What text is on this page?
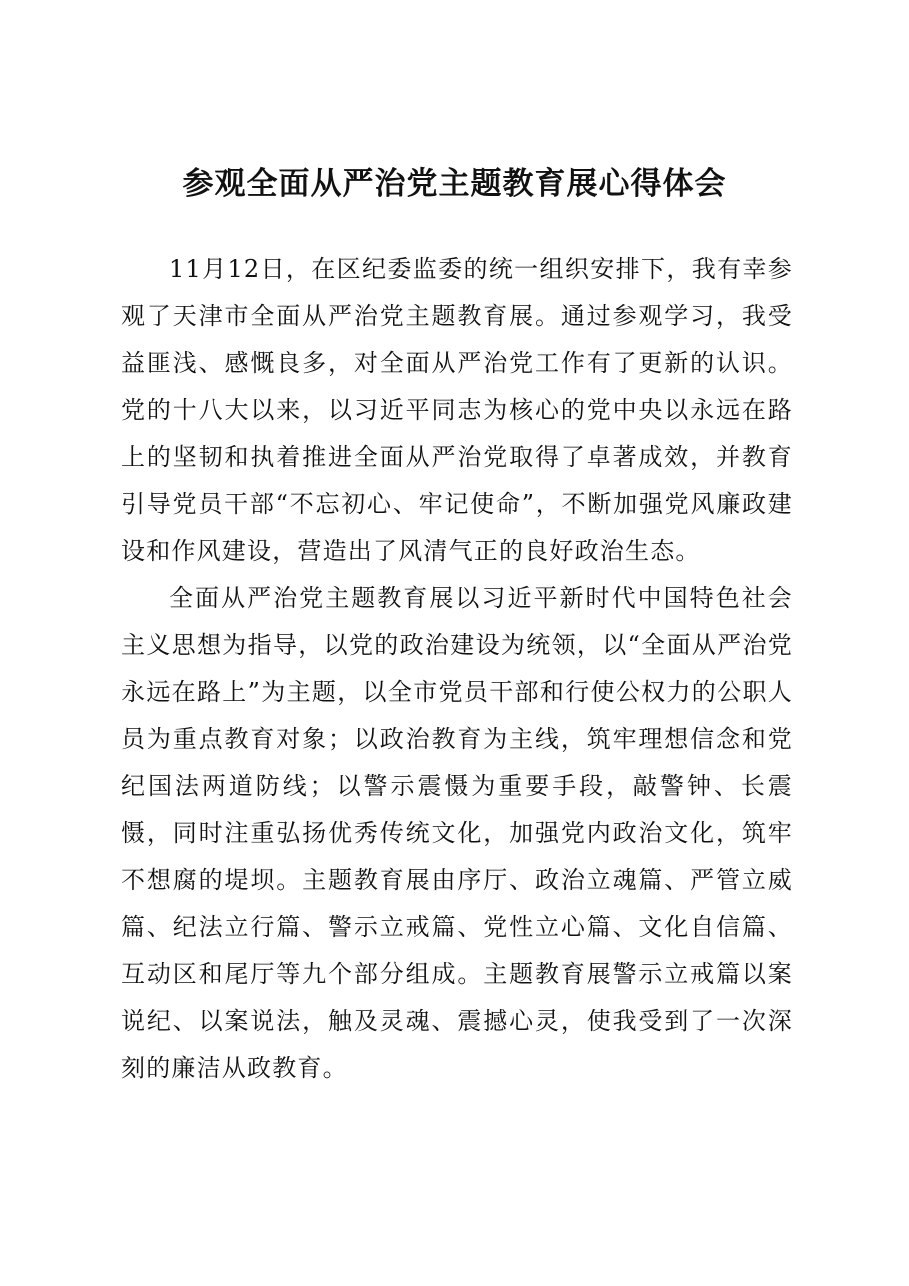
参观全面从严治党主题教育展心得体会

11月12日，在区纪委监委的统一组织安排下，我有幸参观了天津市全面从严治党主题教育展。通过参观学习，我受益匪浅、感慨良多，对全面从严治党工作有了更新的认识。党的十八大以来，以习近平同志为核心的党中央以永远在路上的坚韧和执着推进全面从严治党取得了卓著成效，并教育引导党员干部“不忘初心、牢记使命”，不断加强党风廉政建设和作风建设，营造出了风清气正的良好政治生态。

全面从严治党主题教育展以习近平新时代中国特色社会主义思想为指导，以党的政治建设为统领，以“全面从严治党永远在路上”为主题，以全市党员干部和行使公权力的公职人员为重点教育对象；以政治教育为主线，筑牢理想信念和党纪国法两道防线；以警示震慑为重要手段，敲警钟、长震慑，同时注重弘扬优秀传统文化，加强党内政治文化，筑牢不想腐的堤坝。主题教育展由序厅、政治立魂篇、严管立威篇、纪法立行篇、警示立戒篇、党性立心篇、文化自信篇、互动区和尾厅等九个部分组成。主题教育展警示立戒篇以案说纪、以案说法，触及灵魂、震撼心灵，使我受到了一次深刻的廉洁从政教育。
